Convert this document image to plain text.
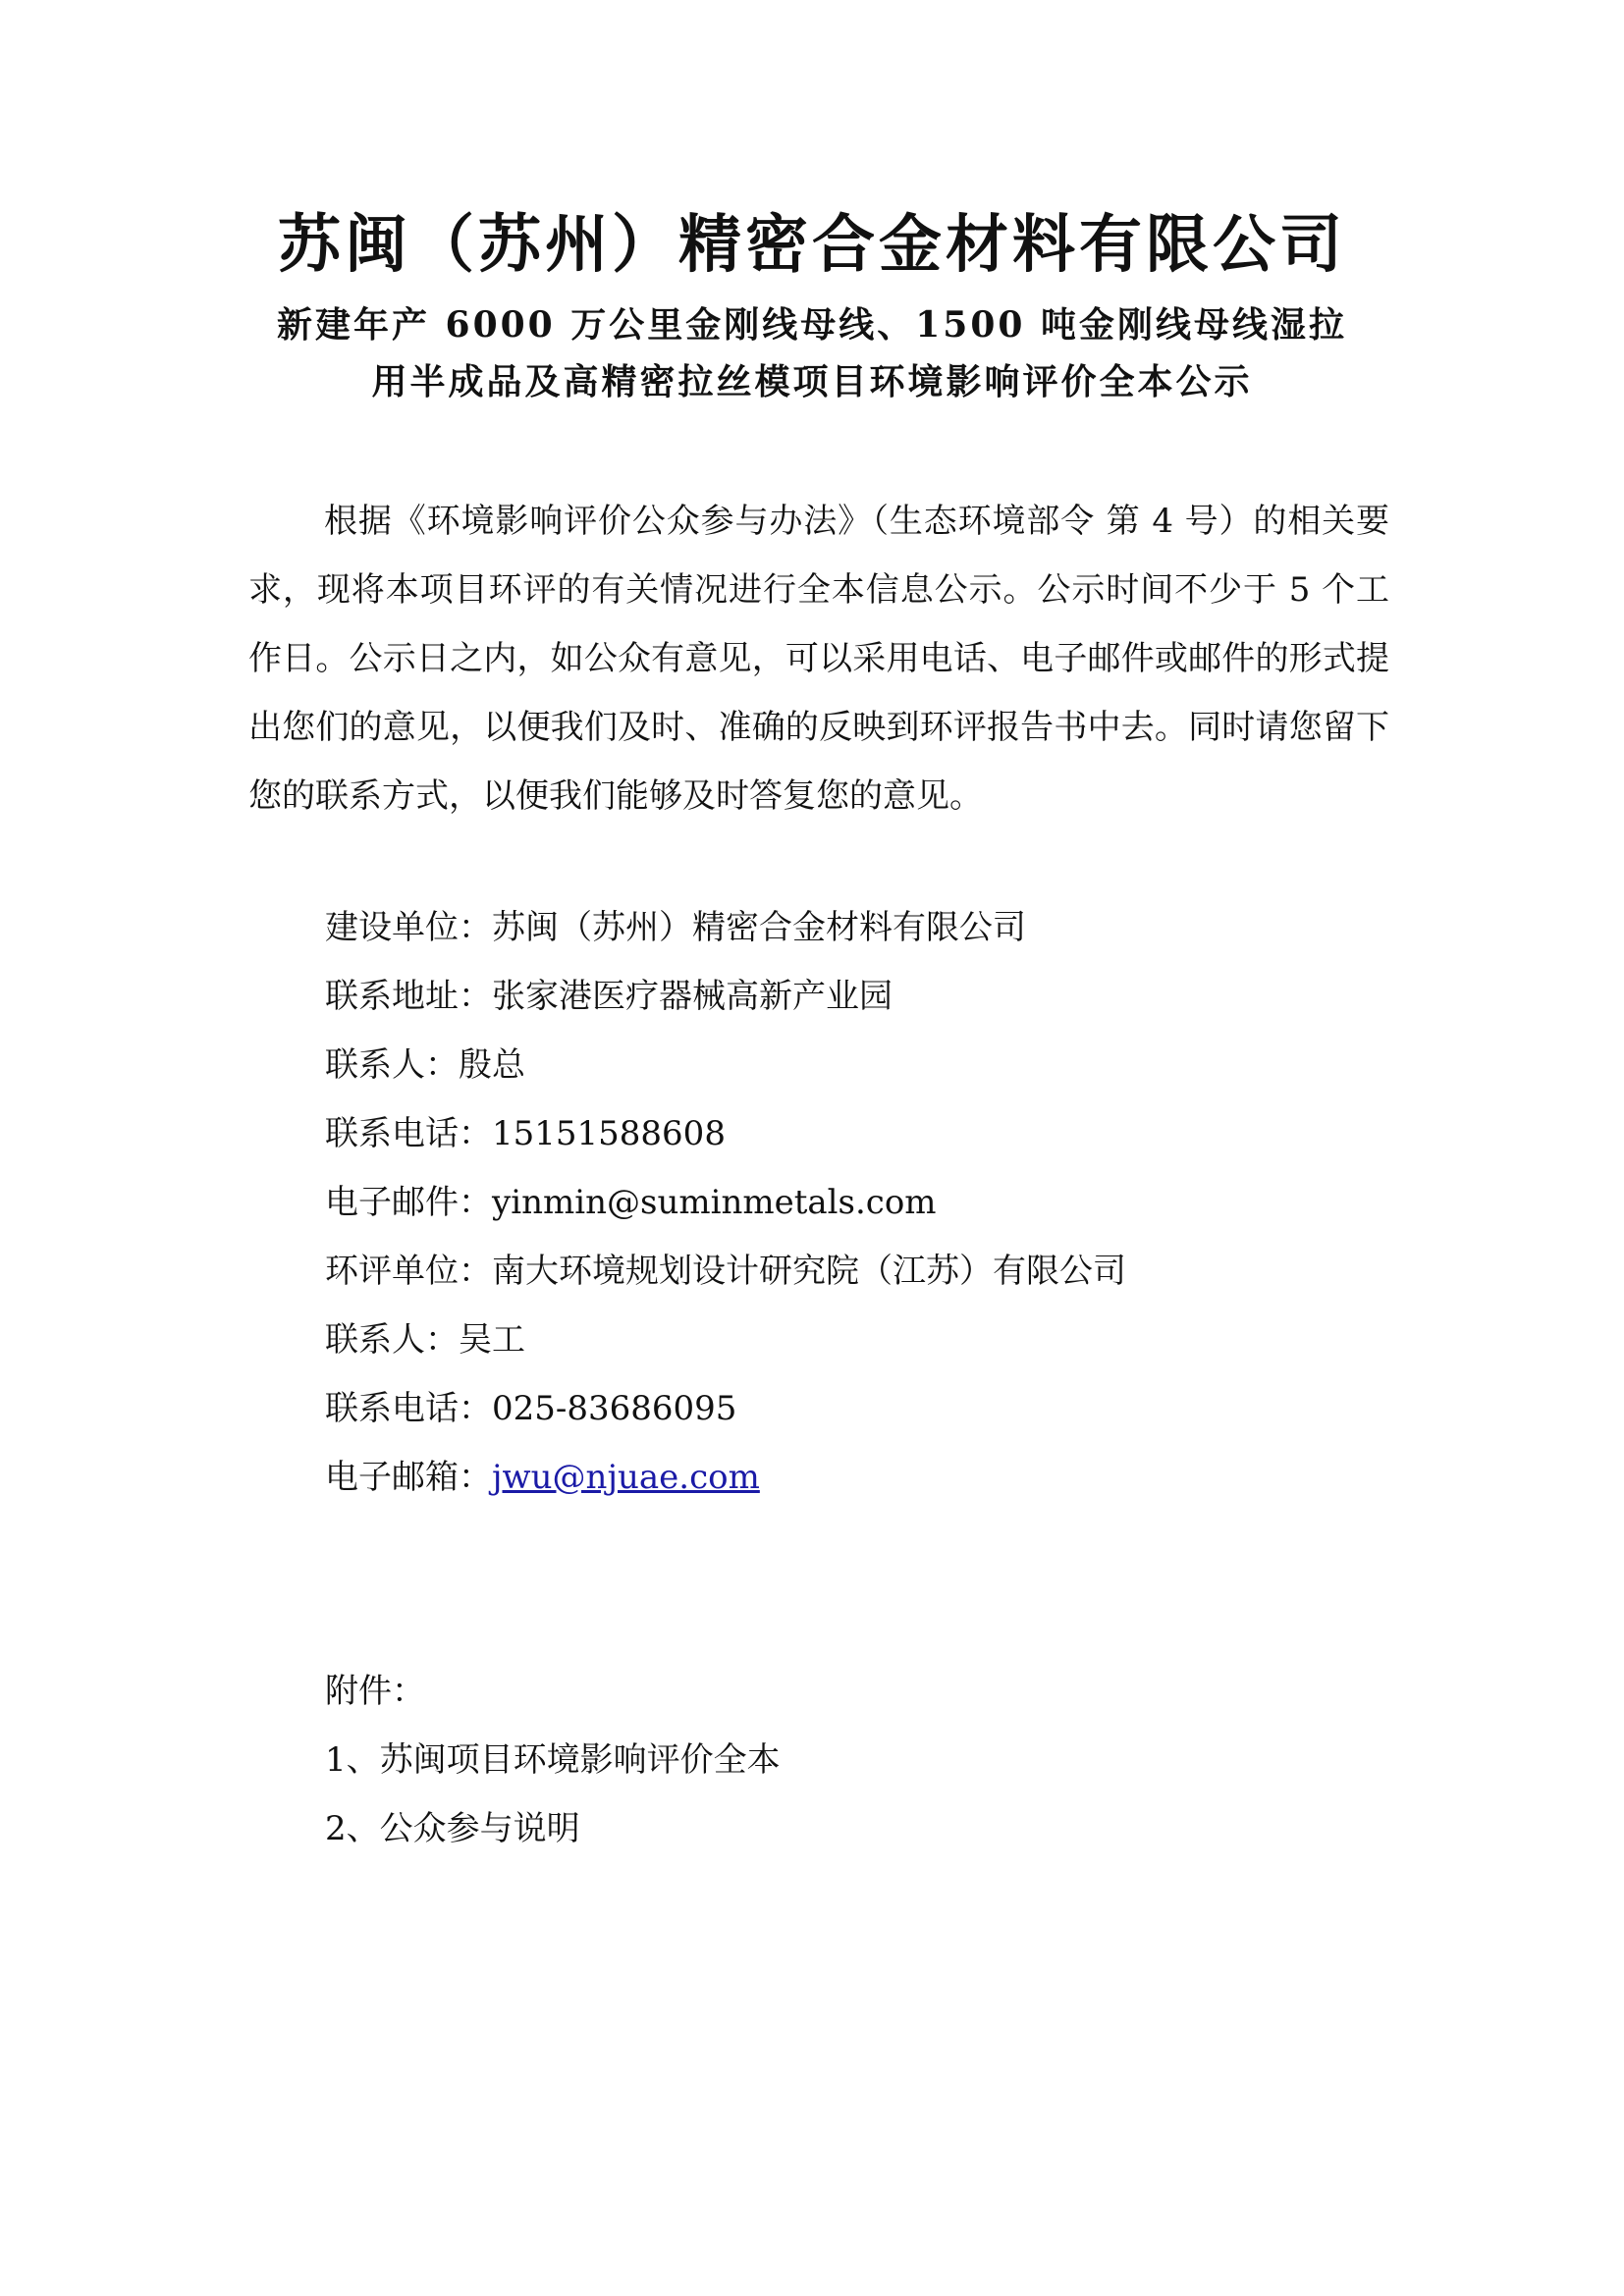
苏闽（苏州）精密合金材料有限公司
新建年产 6000 万公里金刚线母线、1500 吨金刚线母线湿拉
用半成品及高精密拉丝模项目环境影响评价全本公示

根据《环境影响评价公众参与办法》（生态环境部令 第 4 号）的相关要求，现将本项目环评的有关情况进行全本信息公示。公示时间不少于 5 个工作日。公示日之内，如公众有意见，可以采用电话、电子邮件或邮件的形式提出您们的意见，以便我们及时、准确的反映到环评报告书中去。同时请您留下您的联系方式，以便我们能够及时答复您的意见。

建设单位：苏闽（苏州）精密合金材料有限公司
联系地址：张家港医疗器械高新产业园
联系人：殷总
联系电话：15151588608
电子邮件：yinmin@suminmetals.com
环评单位：南大环境规划设计研究院（江苏）有限公司
联系人：吴工
联系电话：025-83686095
电子邮箱：jwu@njuae.com
附件：
1、苏闽项目环境影响评价全本
2、公众参与说明
